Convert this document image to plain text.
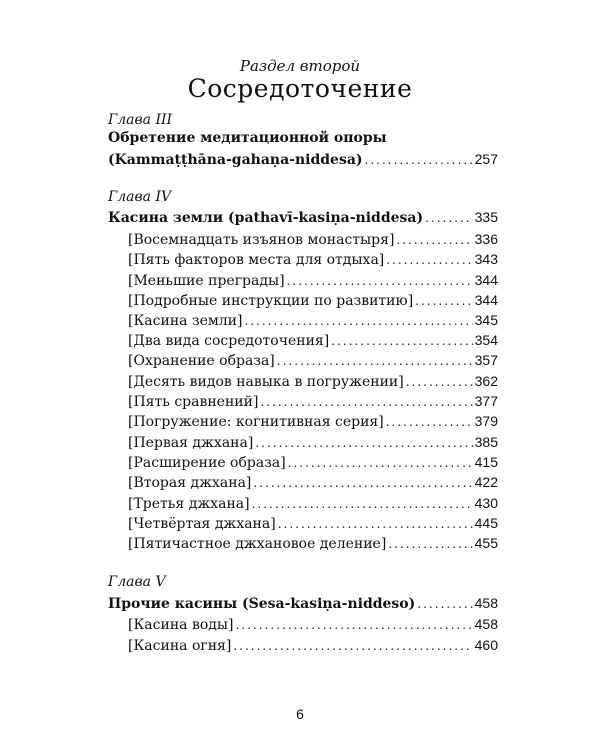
Раздел второй
Сосредоточение
Глава III
Обретение медитационной опоры
(Kammaṭṭhāna-gahaṇa-niddesa) .....	257
Глава IV
Касина земли (pathavī-kasiṇa-niddesa) .....	335
[Восемнадцать изъянов монастыря] .....	336
[Пять факторов места для отдыха] .....	343
[Меньшие преграды] .....	344
[Подробные инструкции по развитию] .....	344
[Касина земли] .....	345
[Два вида сосредоточения] .....	354
[Охранение образа] .....	357
[Десять видов навыка в погружении] .....	362
[Пять сравнений] .....	377
[Погружение: когнитивная серия] .....	379
[Первая джхана] .....	385
[Расширение образа] .....	415
[Вторая джхана] .....	422
[Третья джхана] .....	430
[Четвёртая джхана] .....	445
[Пятичастное джхановое деление] .....	455
Глава V
Прочие касины (Sesa-kasiṇa-niddeso) .....	458
[Касина воды] .....	458
[Касина огня] .....	460
6
